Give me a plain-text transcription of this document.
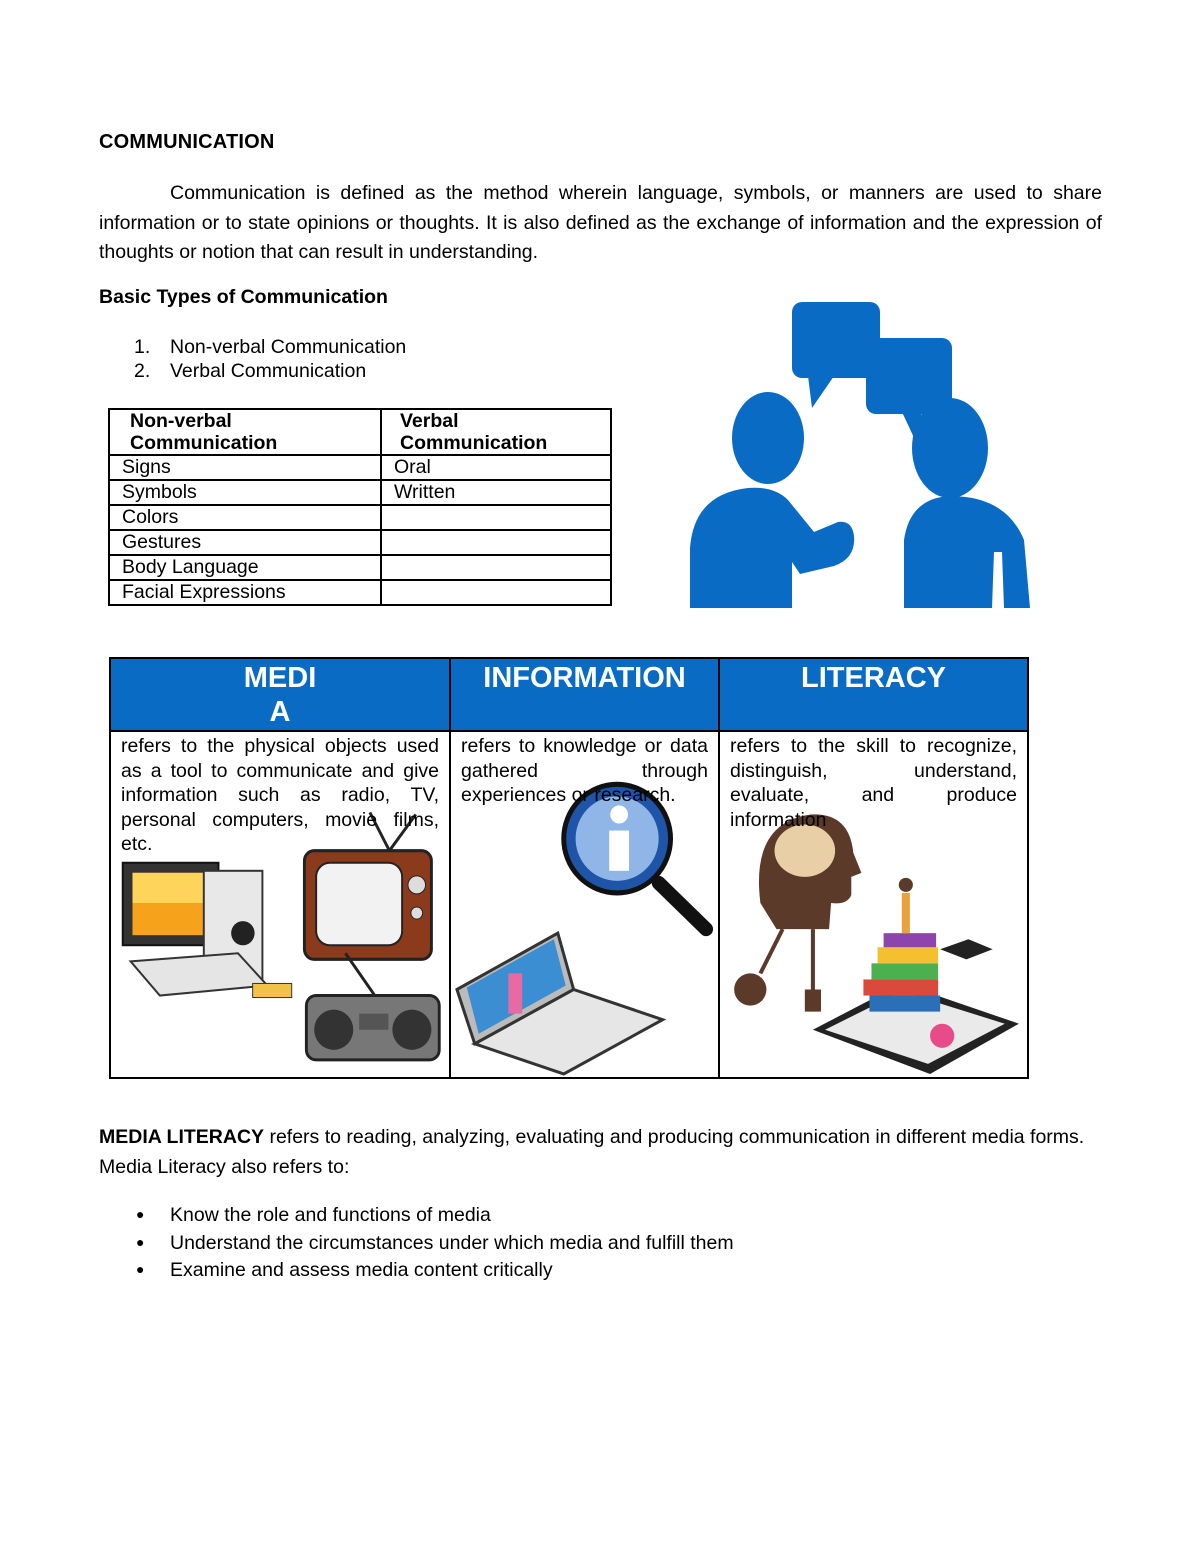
COMMUNICATION
Communication is defined as the method wherein language, symbols, or manners are used to share information or to state opinions or thoughts. It is also defined as the exchange of information and the expression of thoughts or notion that can result in understanding.
Basic Types of Communication
1. Non-verbal Communication
2. Verbal Communication
Non-verbal Communication	Verbal Communication
Signs	Oral
Symbols	Written
Colors	
Gestures	
Body Language	
Facial Expressions	
MEDI
A	INFORMATION	LITERACY

refers to the physical objects used as a tool to communicate and give information such as radio, TV, personal computers, movie films, etc.	refers to knowledge or data gathered through experiences or research.	refers to the skill to recognize, distinguish, understand, evaluate, and produce information
MEDIA LITERACY refers to reading, analyzing, evaluating and producing communication in different media forms. Media Literacy also refers to:
● Know the role and functions of media
● Understand the circumstances under which media and fulfill them
● Examine and assess media content critically
